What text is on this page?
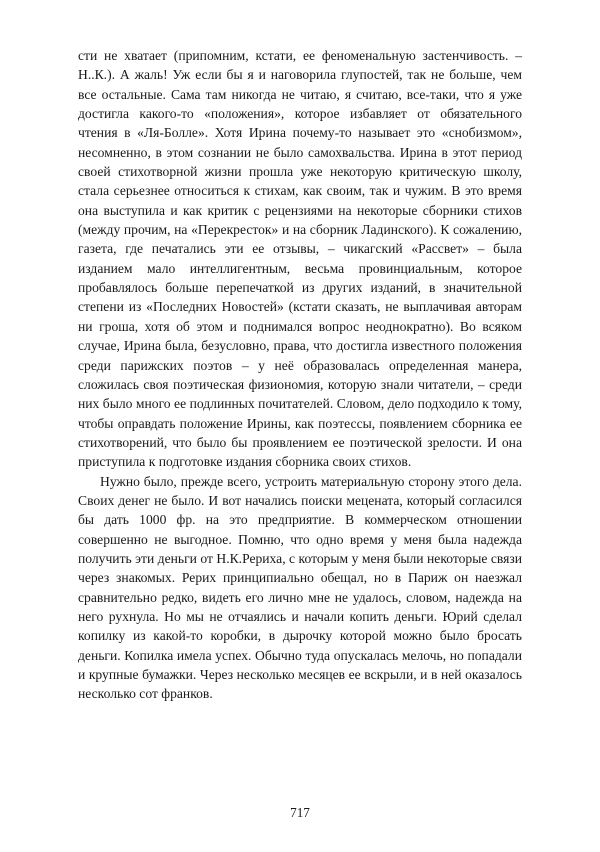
сти не хватает (припомним, кстати, ее феноменальную застенчивость. – Н..К.). А жаль! Уж если бы я и наговорила глупостей, так не больше, чем все остальные. Сама там никогда не читаю, я считаю, все-таки, что я уже достигла какого-то «положения», которое избавляет от обязательного чтения в «Ля-Болле». Хотя Ирина почему-то называет это «снобизмом», несомненно, в этом сознании не было самохвальства. Ирина в этот период своей стихотворной жизни прошла уже некоторую критическую школу, стала серьезнее относиться к стихам, как своим, так и чужим. В это время она выступила и как критик с рецензиями на некоторые сборники стихов (между прочим, на «Перекресток» и на сборник Ладинского). К сожалению, газета, где печатались эти ее отзывы, – чикагский «Рассвет» – была изданием мало интеллигентным, весьма провинциальным, которое пробавлялось больше перепечаткой из других изданий, в значительной степени из «Последних Новостей» (кстати сказать, не выплачивая авторам ни гроша, хотя об этом и поднимался вопрос неоднократно). Во всяком случае, Ирина была, безусловно, права, что достигла известного положения среди парижских поэтов – у неё образовалась определенная манера, сложилась своя поэтическая физиономия, которую знали читатели, – среди них было много ее подлинных почитателей. Словом, дело подходило к тому, чтобы оправдать положение Ирины, как поэтессы, появлением сборника ее стихотворений, что было бы проявлением ее поэтической зрелости. И она приступила к подготовке издания сборника своих стихов.

Нужно было, прежде всего, устроить материальную сторону этого дела. Своих денег не было. И вот начались поиски мецената, который согласился бы дать 1000 фр. на это предприятие. В коммерческом отношении совершенно не выгодное. Помню, что одно время у меня была надежда получить эти деньги от Н.К.Рериха, с которым у меня были некоторые связи через знакомых. Рерих принципиально обещал, но в Париж он наезжал сравнительно редко, видеть его лично мне не удалось, словом, надежда на него рухнула. Но мы не отчаялись и начали копить деньги. Юрий сделал копилку из какой-то коробки, в дырочку которой можно было бросать деньги. Копилка имела успех. Обычно туда опускалась мелочь, но попадали и крупные бумажки. Через несколько месяцев ее вскрыли, и в ней оказалось несколько сот франков.

717
